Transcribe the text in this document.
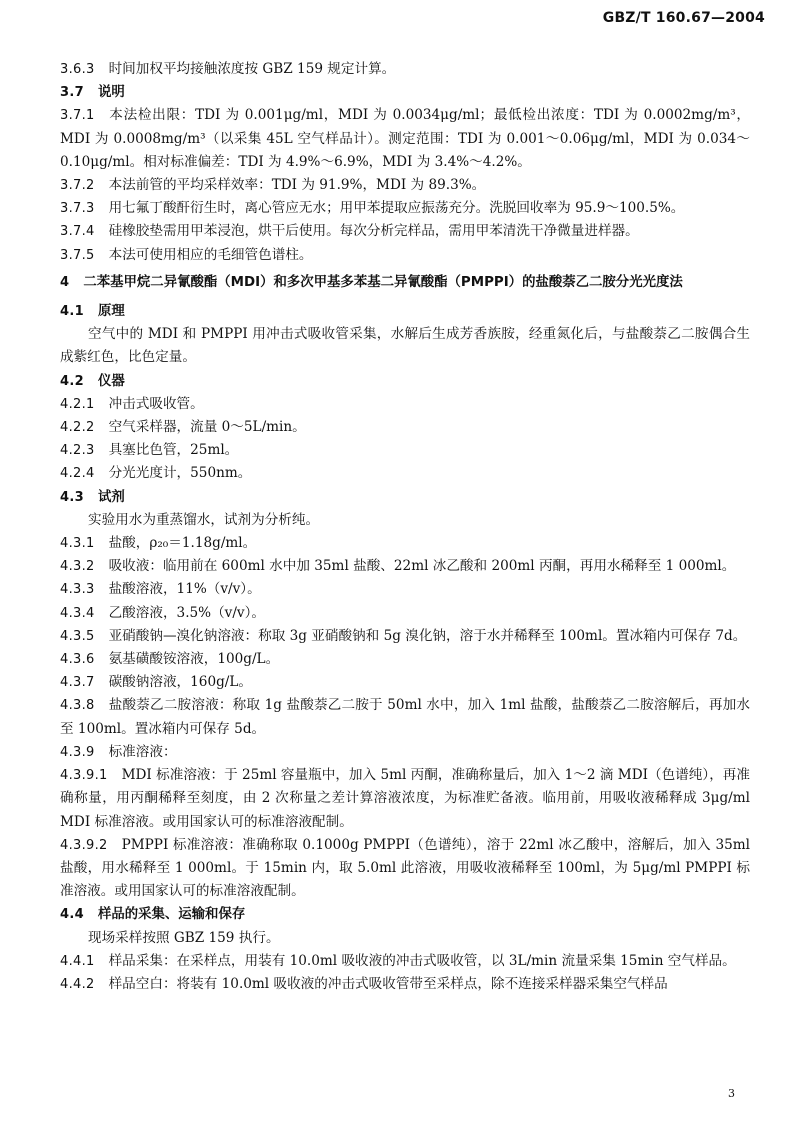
GBZ/T 160.67—2004

3.6.3 时间加权平均接触浓度按 GBZ 159 规定计算。

3.7 说明

3.7.1 本法检出限：TDI 为 0.001μg/ml，MDI 为 0.0034μg/ml；最低检出浓度：TDI 为 0.0002mg/m³，MDI 为 0.0008mg/m³（以采集 45L 空气样品计）。测定范围：TDI 为 0.001～0.06μg/ml，MDI 为 0.034～0.10μg/ml。相对标准偏差：TDI 为 4.9%～6.9%，MDI 为 3.4%～4.2%。

3.7.2 本法前管的平均采样效率：TDI 为 91.9%，MDI 为 89.3%。

3.7.3 用七氟丁酸酐衍生时，离心管应无水；用甲苯提取应振荡充分。洗脱回收率为 95.9～100.5%。

3.7.4 硅橡胶垫需用甲苯浸泡，烘干后使用。每次分析完样品，需用甲苯清洗干净微量进样器。

3.7.5 本法可使用相应的毛细管色谱柱。

4 二苯基甲烷二异氰酸酯（MDI）和多次甲基多苯基二异氰酸酯（PMPPI）的盐酸萘乙二胺分光光度法

4.1 原理

空气中的 MDI 和 PMPPI 用冲击式吸收管采集，水解后生成芳香族胺，经重氮化后，与盐酸萘乙二胺偶合生成紫红色，比色定量。

4.2 仪器

4.2.1 冲击式吸收管。

4.2.2 空气采样器，流量 0～5L/min。

4.2.3 具塞比色管，25ml。

4.2.4 分光光度计，550nm。

4.3 试剂

实验用水为重蒸馏水，试剂为分析纯。

4.3.1 盐酸，ρ₂₀＝1.18g/ml。

4.3.2 吸收液：临用前在 600ml 水中加 35ml 盐酸、22ml 冰乙酸和 200ml 丙酮，再用水稀释至 1 000ml。

4.3.3 盐酸溶液，11%（v/v）。

4.3.4 乙酸溶液，3.5%（v/v）。

4.3.5 亚硝酸钠—溴化钠溶液：称取 3g 亚硝酸钠和 5g 溴化钠，溶于水并稀释至 100ml。置冰箱内可保存 7d。

4.3.6 氨基磺酸铵溶液，100g/L。

4.3.7 碳酸钠溶液，160g/L。

4.3.8 盐酸萘乙二胺溶液：称取 1g 盐酸萘乙二胺于 50ml 水中，加入 1ml 盐酸，盐酸萘乙二胺溶解后，再加水至 100ml。置冰箱内可保存 5d。

4.3.9 标准溶液：

4.3.9.1 MDI 标准溶液：于 25ml 容量瓶中，加入 5ml 丙酮，准确称量后，加入 1～2 滴 MDI（色谱纯），再准确称量，用丙酮稀释至刻度，由 2 次称量之差计算溶液浓度，为标准贮备液。临用前，用吸收液稀释成 3μg/ml MDI 标准溶液。或用国家认可的标准溶液配制。

4.3.9.2 PMPPI 标准溶液：准确称取 0.1000g PMPPI（色谱纯），溶于 22ml 冰乙酸中，溶解后，加入 35ml 盐酸，用水稀释至 1 000ml。于 15min 内，取 5.0ml 此溶液，用吸收液稀释至 100ml，为 5μg/ml PMPPI 标准溶液。或用国家认可的标准溶液配制。

4.4 样品的采集、运输和保存

现场采样按照 GBZ 159 执行。

4.4.1 样品采集：在采样点，用装有 10.0ml 吸收液的冲击式吸收管，以 3L/min 流量采集 15min 空气样品。

4.4.2 样品空白：将装有 10.0ml 吸收液的冲击式吸收管带至采样点，除不连接采样器采集空气样品

3
